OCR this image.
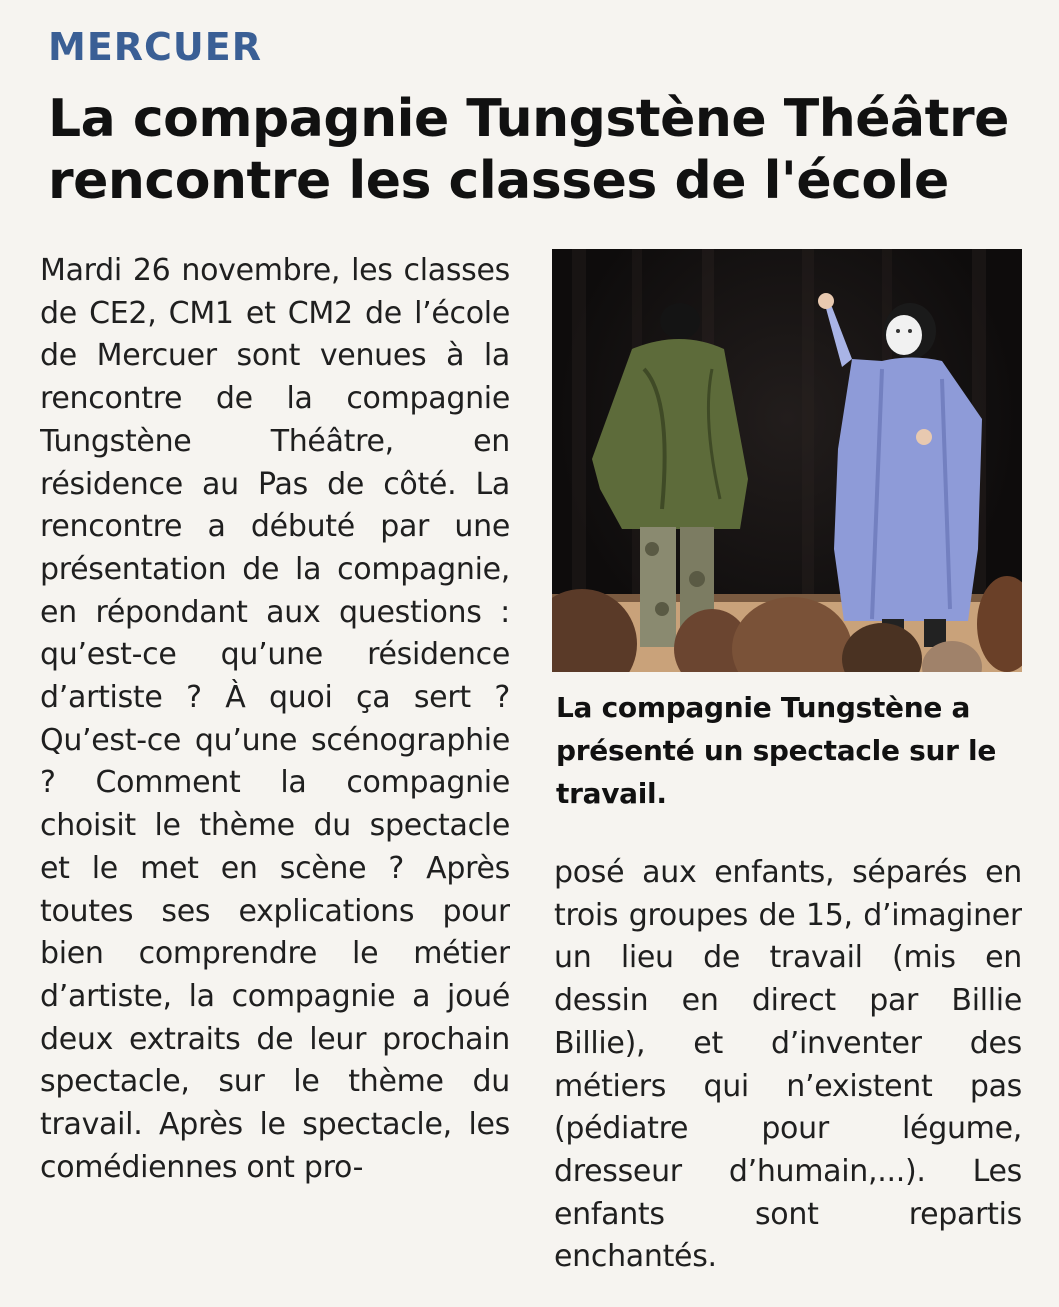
MERCUER
La compagnie Tungstène Théâtre rencontre les classes de l'école

Mardi 26 novembre, les classes de CE2, CM1 et CM2 de l’école de Mercuer sont venues à la rencontre de la compagnie Tungstène Théâtre, en résidence au Pas de côté. La rencontre a débuté par une présentation de la compagnie, en répondant aux questions : qu’est-ce qu’une résidence d’artiste ? À quoi ça sert ? Qu’est-ce qu’une scénographie ? Comment la compagnie choisit le thème du spectacle et le met en scène ? Après toutes ses explications pour bien comprendre le métier d’artiste, la compagnie a joué deux extraits de leur prochain spectacle, sur le thème du travail. Après le spectacle, les comédiennes ont pro-

La compagnie Tungstène a présenté un spectacle sur le travail.

posé aux enfants, séparés en trois groupes de 15, d’imaginer un lieu de travail (mis en dessin en direct par Billie Billie), et d’inventer des métiers qui n’existent pas (pédiatre pour légume, dresseur d’humain,...). Les enfants sont repartis enchantés.
